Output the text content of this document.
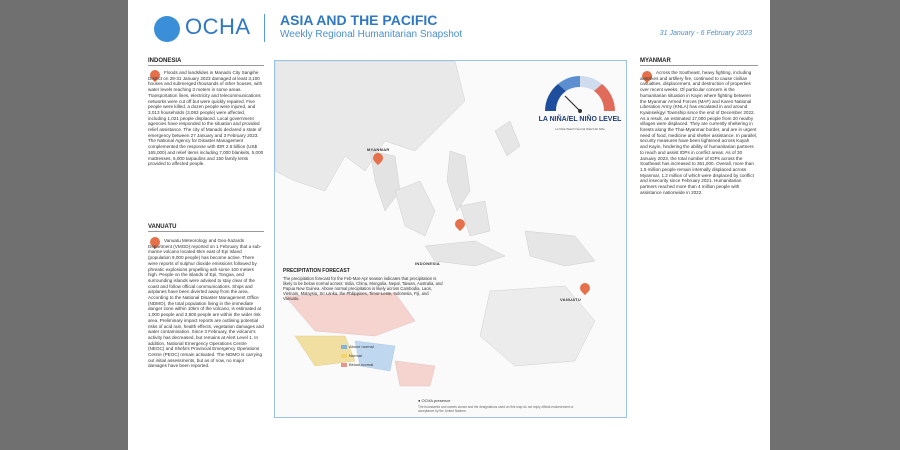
OCHA ASIA AND THE PACIFIC
Weekly Regional Humanitarian Snapshot	31 January - 6 February 2023
INDONESIA
Floods and landslides in Manado City Sangihe District on 28-31 January 2023 damaged at least 3,100 houses and submerged thousands of other houses, with water levels reaching 3 meters in some areas. Transportation lines, electricity and telecommunications networks were cut off but were quickly repaired. Five people were killed, a dozen people were injured, and 3,013 households (3,083 people) were affected, including 1,021 people displaced. Local government agencies have responded to the situation and provided relief assistance. The city of Manado declared a state of emergency between 27 January and 3 February 2023. The National Agency for Disaster Management complemented the response with IDR 2.5 billion (US$ 165,000) and relief items including 7,000 blankets, 5,000 mattresses, 5,000 tarpaulins and 150 family tents provided to affected people.
VANUATU
Vanuatu Meteorology and Geo-hazards Department (VMGD) reported on 1 February that a sub-marine volcano located 6km east of Epi Island (population 9,000 people) has become active. There were reports of sulphur dioxide emissions followed by phreatic explosions propelling ash some 100 meters high. People on the islands of Epi, Tongoa, and surrounding islands were advised to stay clear of the coast and follow official communications. Ships and airplanes have been diverted away from the area. According to the National Disaster Management Office (NDMO), the total population living in the immediate danger zone within 10km of the volcano, is estimated at 1,000 people and 3,800 people are within the wider risk area. Preliminary impact reports are outlining potential risks of acid rain, health effects, vegetation damages and water contamination. Since 3 February, the volcano's activity has decreased, but remains at Alert Level 1. In addition, National Emergency Operations Centre (NEOC) and Shefa's Provincial Emergency Operations Centre (PEOC) remain activated. The NDMO is carrying out initial assessments, but as of now, no major damages have been reported.
LA NIÑA/EL NIÑO LEVEL
La Niña Watch Neutral Watch El Niño
MYANMAR
INDONESIA
VANUATU
PRECIPITATION FORECAST
The precipitation forecast for the Feb-Mar-Apr season indicates that precipitation is likely to be below normal across: India, China, Mongolia, Nepal, Taiwan, Australia, and Papua New Guinea. Above normal precipitation is likely across Cambodia, Laos, Vietnam, Malaysia, Sri Lanka, the Philippines, Timor-Leste, Indonesia, Fiji, and Vanuatu.
Above normal
Normal
Below normal
● OCHA presence
The boundaries and names shown and the designations used on this map do not imply official endorsement or acceptance by the United Nations.
MYANMAR
Across the Southeast, heavy fighting, including airstrikes and artillery fire, continued to cause civilian casualties, displacement, and destruction of properties over recent weeks. Of particular concern is the humanitarian situation in Kayin where fighting between the Myanmar Armed Forces (MAF) and Karen National Liberation Army (KNLA) has escalated in and around Kyainseikgyi Township since the end of December 2022. As a result, an estimated 17,000 people from 20 nearby villages were displaced. They are currently sheltering in forests along the Thai-Myanmar border, and are in urgent need of food, medicine and shelter assistance. In parallel, security measures have been tightened across Kayah and Kayin, hindering the ability of humanitarian partners to reach and assist IDPs in conflict areas. As of 30 January 2023, the total number of IDPs across the Southeast has increased to 361,000. Overall, more than 1.5 million people remain internally displaced across Myanmar, 1.2 million of which were displaced by conflict and insecurity since February 2021. Humanitarian partners reached more than 4 million people with assistance nationwide in 2022.
